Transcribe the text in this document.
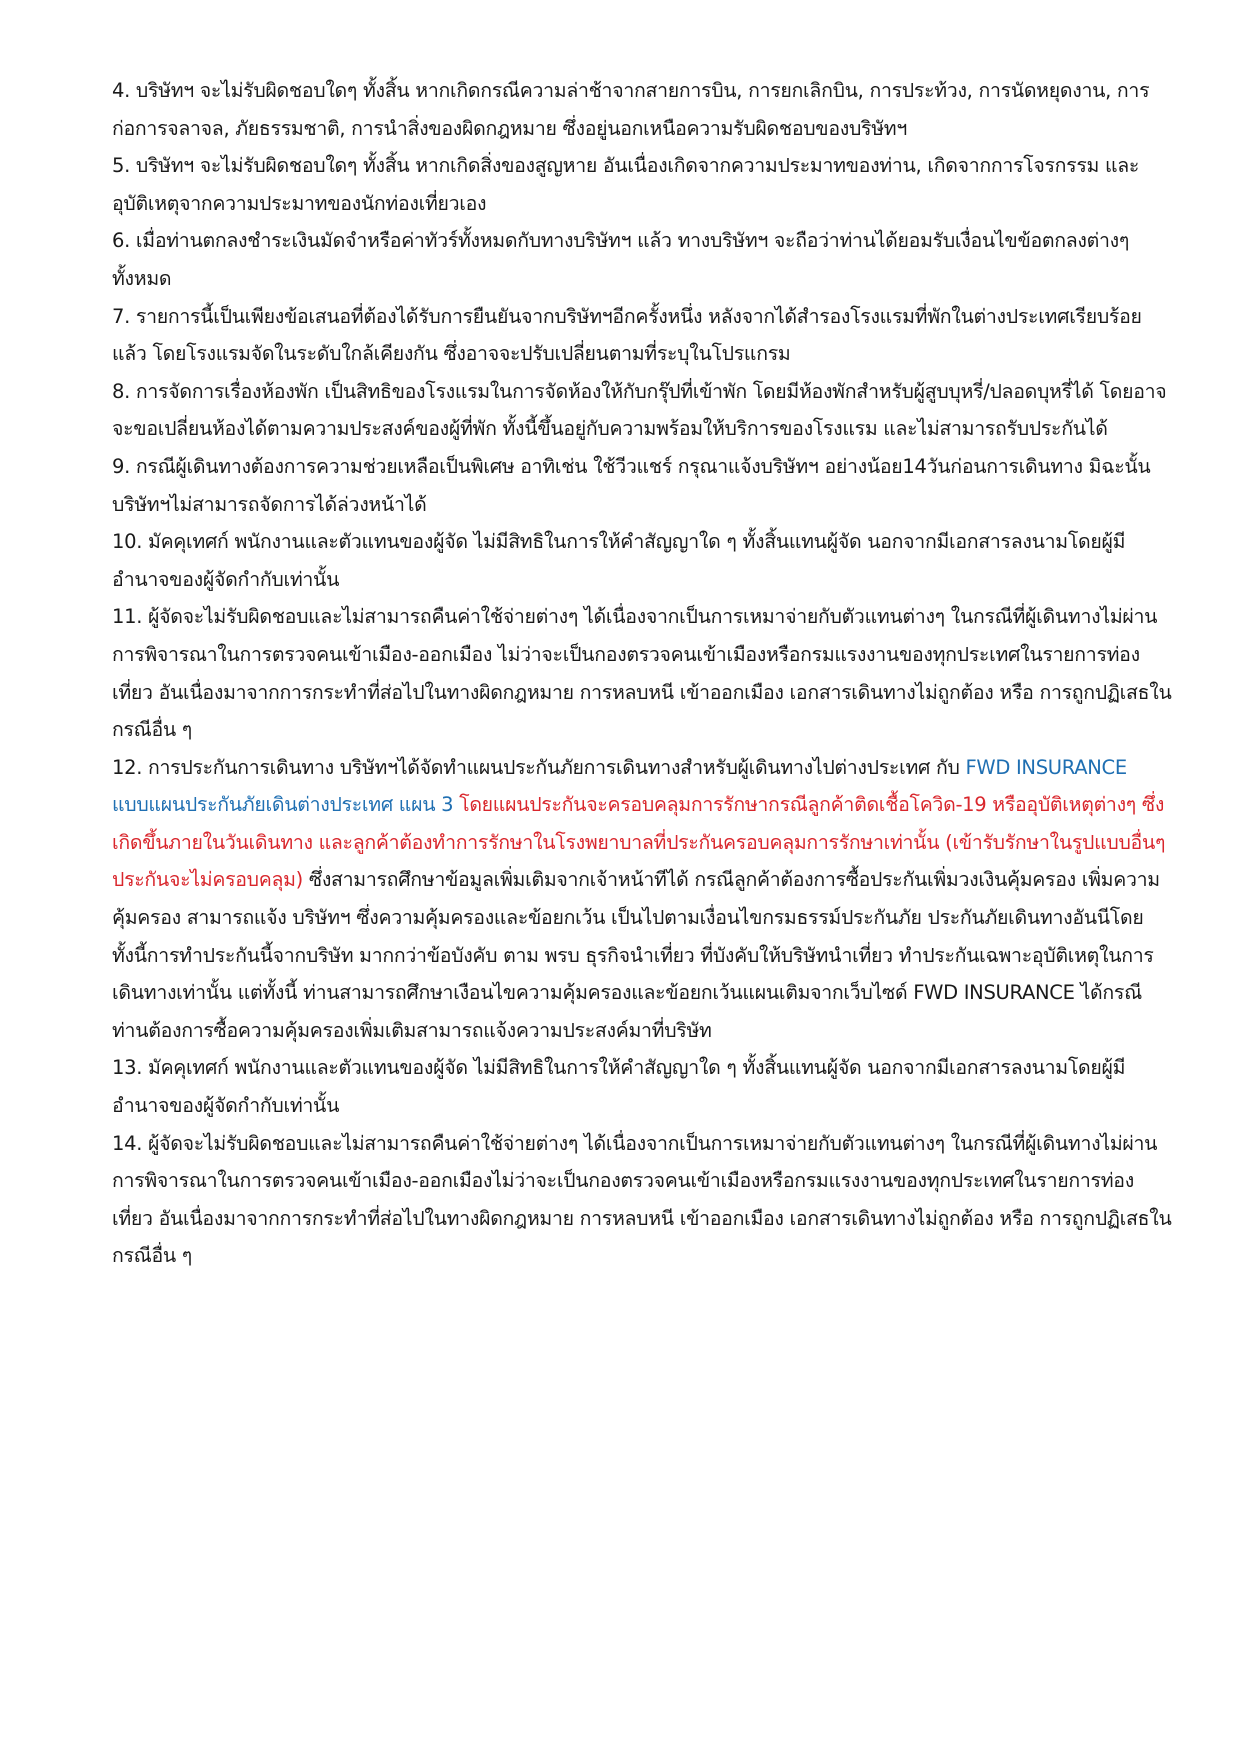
4. บริษัทฯ จะไม่รับผิดชอบใดๆ ทั้งสิ้น หากเกิดกรณีความล่าช้าจากสายการบิน, การยกเลิกบิน, การประท้วง, การนัดหยุดงาน, การก่อการจลาจล, ภัยธรรมชาติ, การนำสิ่งของผิดกฎหมาย ซึ่งอยู่นอกเหนือความรับผิดชอบของบริษัทฯ

5. บริษัทฯ จะไม่รับผิดชอบใดๆ ทั้งสิ้น หากเกิดสิ่งของสูญหาย อันเนื่องเกิดจากความประมาทของท่าน, เกิดจากการโจรกรรม และ อุบัติเหตุจากความประมาทของนักท่องเที่ยวเอง

6. เมื่อท่านตกลงชำระเงินมัดจำหรือค่าทัวร์ทั้งหมดกับทางบริษัทฯ แล้ว ทางบริษัทฯ จะถือว่าท่านได้ยอมรับเงื่อนไขข้อตกลงต่างๆ ทั้งหมด

7. รายการนี้เป็นเพียงข้อเสนอที่ต้องได้รับการยืนยันจากบริษัทฯอีกครั้งหนึ่ง หลังจากได้สำรองโรงแรมที่พักในต่างประเทศเรียบร้อยแล้ว โดยโรงแรมจัดในระดับใกล้เคียงกัน ซึ่งอาจจะปรับเปลี่ยนตามที่ระบุในโปรแกรม

8. การจัดการเรื่องห้องพัก เป็นสิทธิของโรงแรมในการจัดห้องให้กับกรุ๊ปที่เข้าพัก โดยมีห้องพักสำหรับผู้สูบบุหรี่/ปลอดบุหรี่ได้ โดยอาจจะขอเปลี่ยนห้องได้ตามความประสงค์ของผู้ที่พัก ทั้งนี้ขึ้นอยู่กับความพร้อมให้บริการของโรงแรม และไม่สามารถรับประกันได้

9. กรณีผู้เดินทางต้องการความช่วยเหลือเป็นพิเศษ อาทิเช่น ใช้วีวแชร์ กรุณาแจ้งบริษัทฯ อย่างน้อย14วันก่อนการเดินทาง มิฉะนั้น บริษัทฯไม่สามารถจัดการได้ล่วงหน้าได้

10. มัคคุเทศก์ พนักงานและตัวแทนของผู้จัด ไม่มีสิทธิในการให้คำสัญญาใด ๆ ทั้งสิ้นแทนผู้จัด นอกจากมีเอกสารลงนามโดยผู้มีอำนาจของผู้จัดกำกับเท่านั้น

11. ผู้จัดจะไม่รับผิดชอบและไม่สามารถคืนค่าใช้จ่ายต่างๆ ได้เนื่องจากเป็นการเหมาจ่ายกับตัวแทนต่างๆ ในกรณีที่ผู้เดินทางไม่ผ่านการพิจารณาในการตรวจคนเข้าเมือง-ออกเมือง ไม่ว่าจะเป็นกองตรวจคนเข้าเมืองหรือกรมแรงงานของทุกประเทศในรายการท่องเที่ยว อันเนื่องมาจากการกระทำที่ส่อไปในทางผิดกฎหมาย การหลบหนี เข้าออกเมือง เอกสารเดินทางไม่ถูกต้อง หรือ การถูกปฏิเสธในกรณีอื่น ๆ

12. การประกันการเดินทาง บริษัทฯได้จัดทำแผนประกันภัยการเดินทางสำหรับผู้เดินทางไปต่างประเทศ กับ FWD INSURANCE แบบแผนประกันภัยเดินต่างประเทศ แผน 3 โดยแผนประกันจะครอบคลุมการรักษากรณีลูกค้าติดเชื้อโควิด-19 หรืออุบัติเหตุต่างๆ ซึ่งเกิดขึ้นภายในวันเดินทาง และลูกค้าต้องทำการรักษาในโรงพยาบาลที่ประกันครอบคลุมการรักษาเท่านั้น (เข้ารับรักษาในรูปแบบอื่นๆประกันจะไม่ครอบคลุม) ซึ่งสามารถศึกษาข้อมูลเพิ่มเติมจากเจ้าหน้าทีได้ กรณีลูกค้าต้องการซื้อประกันเพิ่มวงเงินคุ้มครอง เพิ่มความคุ้มครอง สามารถแจ้ง บริษัทฯ ซึ่งความคุ้มครองและข้อยกเว้น เป็นไปตามเงื่อนไขกรมธรรม์ประกันภัย ประกันภัยเดินทางอันนีโดยทั้งนี้การทำประกันนี้จากบริษัท มากกว่าข้อบังคับ ตาม พรบ ธุรกิจนำเที่ยว ที่บังคับให้บริษัทนำเที่ยว ทำประกันเฉพาะอุบัติเหตุในการเดินทางเท่านั้น แต่ทั้งนี้ ท่านสามารถศึกษาเงือนไขความคุ้มครองและข้อยกเว้นแผนเติมจากเว็บไซด์ FWD INSURANCE ได้กรณีท่านต้องการซื้อความคุ้มครองเพิ่มเติมสามารถแจ้งความประสงค์มาที่บริษัท

13. มัคคุเทศก์ พนักงานและตัวแทนของผู้จัด ไม่มีสิทธิในการให้คำสัญญาใด ๆ ทั้งสิ้นแทนผู้จัด นอกจากมีเอกสารลงนามโดยผู้มีอำนาจของผู้จัดกำกับเท่านั้น

14. ผู้จัดจะไม่รับผิดชอบและไม่สามารถคืนค่าใช้จ่ายต่างๆ ได้เนื่องจากเป็นการเหมาจ่ายกับตัวแทนต่างๆ ในกรณีที่ผู้เดินทางไม่ผ่านการพิจารณาในการตรวจคนเข้าเมือง-ออกเมืองไม่ว่าจะเป็นกองตรวจคนเข้าเมืองหรือกรมแรงงานของทุกประเทศในรายการท่องเที่ยว อันเนื่องมาจากการกระทำที่ส่อไปในทางผิดกฎหมาย การหลบหนี เข้าออกเมือง เอกสารเดินทางไม่ถูกต้อง หรือ การถูกปฏิเสธในกรณีอื่น ๆ
